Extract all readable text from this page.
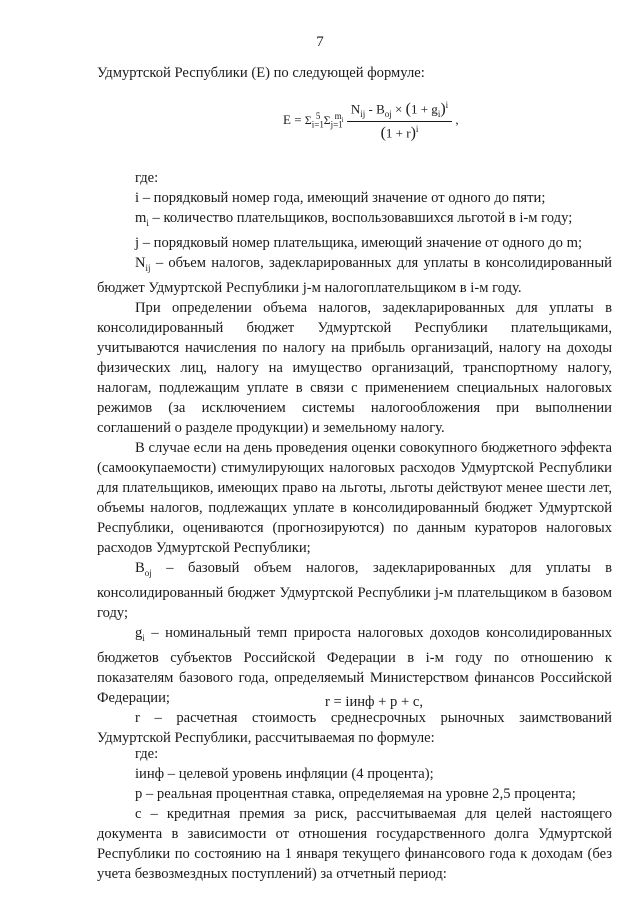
7
Удмуртской Республики (Е) по следующей формуле:
$E = \Sigma_{i=1}^5$ $\Sigma_{j=1}^{m_i} \frac{N_{ij} - B_{oj} \times (1 + g_i)^i}{(1 + r)^i}$ ,
где:
i – порядковый номер года, имеющий значение от одного до пяти;
$m_i$ – количество плательщиков, воспользовавшихся льготой в i-м году;
j – порядковый номер плательщика, имеющий значение от одного до m;

$N_{ij}$ – объем налогов, задекларированных для уплаты в консолидированный бюджет Удмуртской Республики j-м налогоплательщиком в i-м году.

При определении объема налогов, задекларированных для уплаты в консолидированный бюджет Удмуртской Республики плательщиками, учитываются начисления по налогу на прибыль организаций, налогу на доходы физических лиц, налогу на имущество организаций, транспортному налогу, налогам, подлежащим уплате в связи с применением специальных налоговых режимов (за исключением системы налогообложения при выполнении соглашений о разделе продукции) и земельному налогу.

В случае если на день проведения оценки совокупного бюджетного эффекта (самоокупаемости) стимулирующих налоговых расходов Удмуртской Республики для плательщиков, имеющих право на льготы, льготы действуют менее шести лет, объемы налогов, подлежащих уплате в консолидированный бюджет Удмуртской Республики, оцениваются (прогнозируются) по данным кураторов налоговых расходов Удмуртской Республики;

$B_{oj}$ – базовый объем налогов, задекларированных для уплаты в консолидированный бюджет Удмуртской Республики j-м плательщиком в базовом году;

$g_i$ – номинальный темп прироста налоговых доходов консолидированных бюджетов субъектов Российской Федерации в i-м году по отношению к показателям базового года, определяемый Министерством финансов Российской Федерации;

r – расчетная стоимость среднесрочных рыночных заимствований Удмуртской Республики, рассчитываемая по формуле:

r = iинф + p + c,
где:
iинф – целевой уровень инфляции (4 процента);
p – реальная процентная ставка, определяемая на уровне 2,5 процента;

c – кредитная премия за риск, рассчитываемая для целей настоящего документа в зависимости от отношения государственного долга Удмуртской Республики по состоянию на 1 января текущего финансового года к доходам (без учета безвозмездных поступлений) за отчетный период:
